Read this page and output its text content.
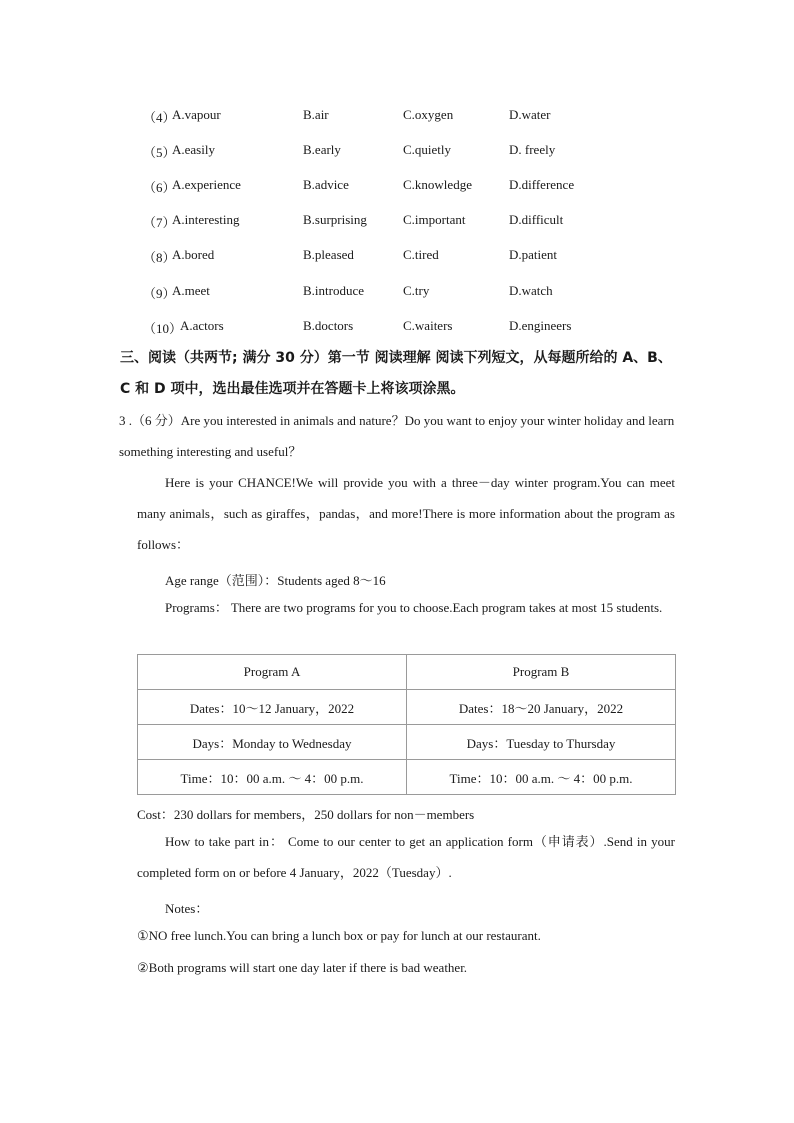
（4）
A.vapour	B.air	C.oxygen	D.water
（5）
A.easily	B.early	C.quietly	D. freely
（6）
A.experience	B.advice	C.knowledge	D.difference
（7）
A.interesting	B.surprising	C.important	D.difficult
（8）
A.bored	B.pleased	C.tired	D.patient
（9）
A.meet	B.introduce	C.try	D.watch
（10）
A.actors	B.doctors	C.waiters	D.engineers
三、阅读（共两节; 满分 30 分）第一节 阅读理解 阅读下列短文，从每题所给的 A、B、C 和 D 项中，选出最佳选项并在答题卡上将该项涂黑。
3 .（6 分）Are you interested in animals and nature？Do you want to enjoy your winter holiday and learn something interesting and useful？
Here is your CHANCE!We will provide you with a three－day winter program.You can meet many animals，such as giraffes，pandas，and more!There is more information about the program as follows：
Age range（范围）：Students aged 8～16
Programs： There are two programs for you to choose.Each program takes at most 15 students.
Program A	Program B
Dates：10～12 January，2022	Dates：18～20 January，2022
Days：Monday to Wednesday	Days：Tuesday to Thursday
Time：10：00 a.m. ～ 4：00 p.m.	Time：10：00 a.m. ～ 4：00 p.m.
Cost：230 dollars for members，250 dollars for non－members
How to take part in： Come to our center to get an application form（申请表）.Send in your completed form on or before 4 January，2022（Tuesday）.
Notes：
①NO free lunch.You can bring a lunch box or pay for lunch at our restaurant.
②Both programs will start one day later if there is bad weather.
